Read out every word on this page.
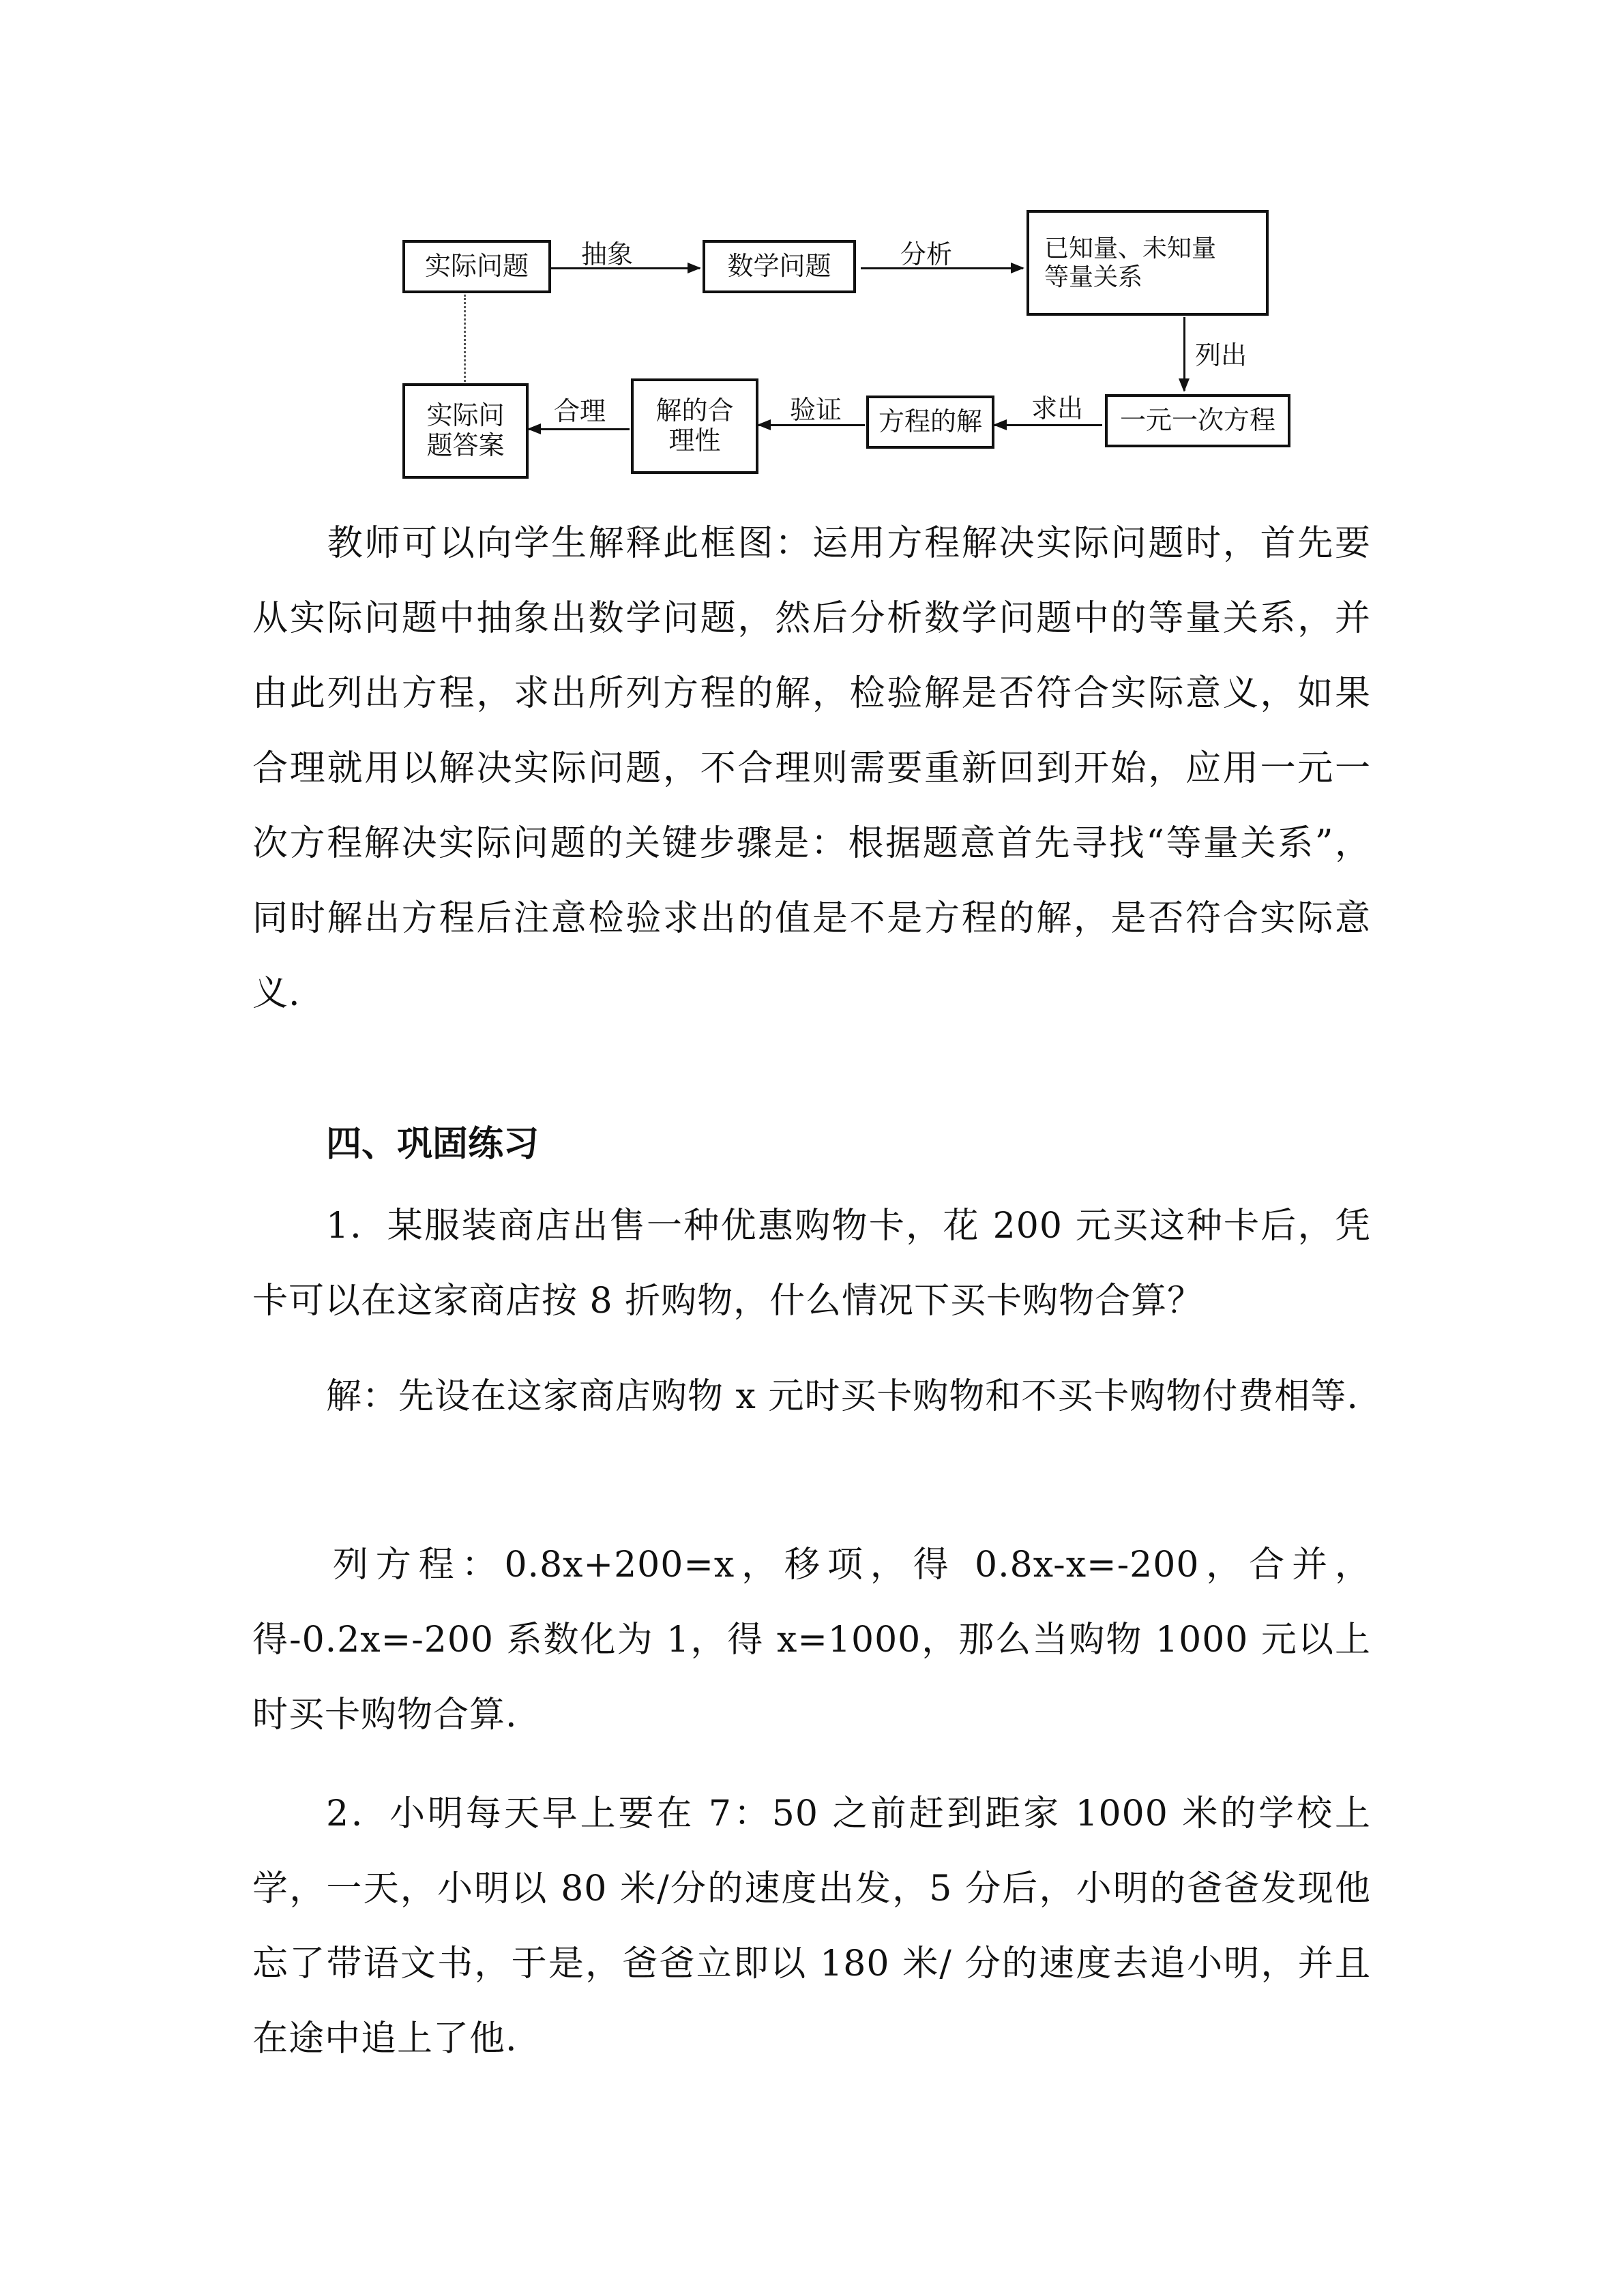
实际问题 抽象	数学问题	分析	已知量、未知量
等量关系
列出
一元一次方程
求出
方程的解
验证
解的合
理性
合理
实际问
题答案

教师可以向学生解释此框图：运用方程解决实际问题时，首先要从实际问题中抽象出数学问题，然后分析数学问题中的等量关系，并由此列出方程，求出所列方程的解，检验解是否符合实际意义，如果合理就用以解决实际问题，不合理则需要重新回到开始，应用一元一次方程解决实际问题的关键步骤是：根据题意首先寻找“等量关系”，同时解出方程后注意检验求出的值是不是方程的解，是否符合实际意义.

四、巩固练习

1．某服装商店出售一种优惠购物卡，花 200 元买这种卡后，凭卡可以在这家商店按 8 折购物，什么情况下买卡购物合算？

解：先设在这家商店购物 x 元时买卡购物和不买卡购物付费相等.

列方程：0.8x+200=x，移项，得 0.8x-x=-200，合并，得-0.2x=-200 系数化为 1，得 x=1000，那么当购物 1000 元以上时买卡购物合算.

2．小明每天早上要在 7：50 之前赶到距家 1000 米的学校上学，一天，小明以 80 米/分的速度出发，5 分后，小明的爸爸发现他忘了带语文书，于是，爸爸立即以 180 米/ 分的速度去追小明，并且在途中追上了他.
